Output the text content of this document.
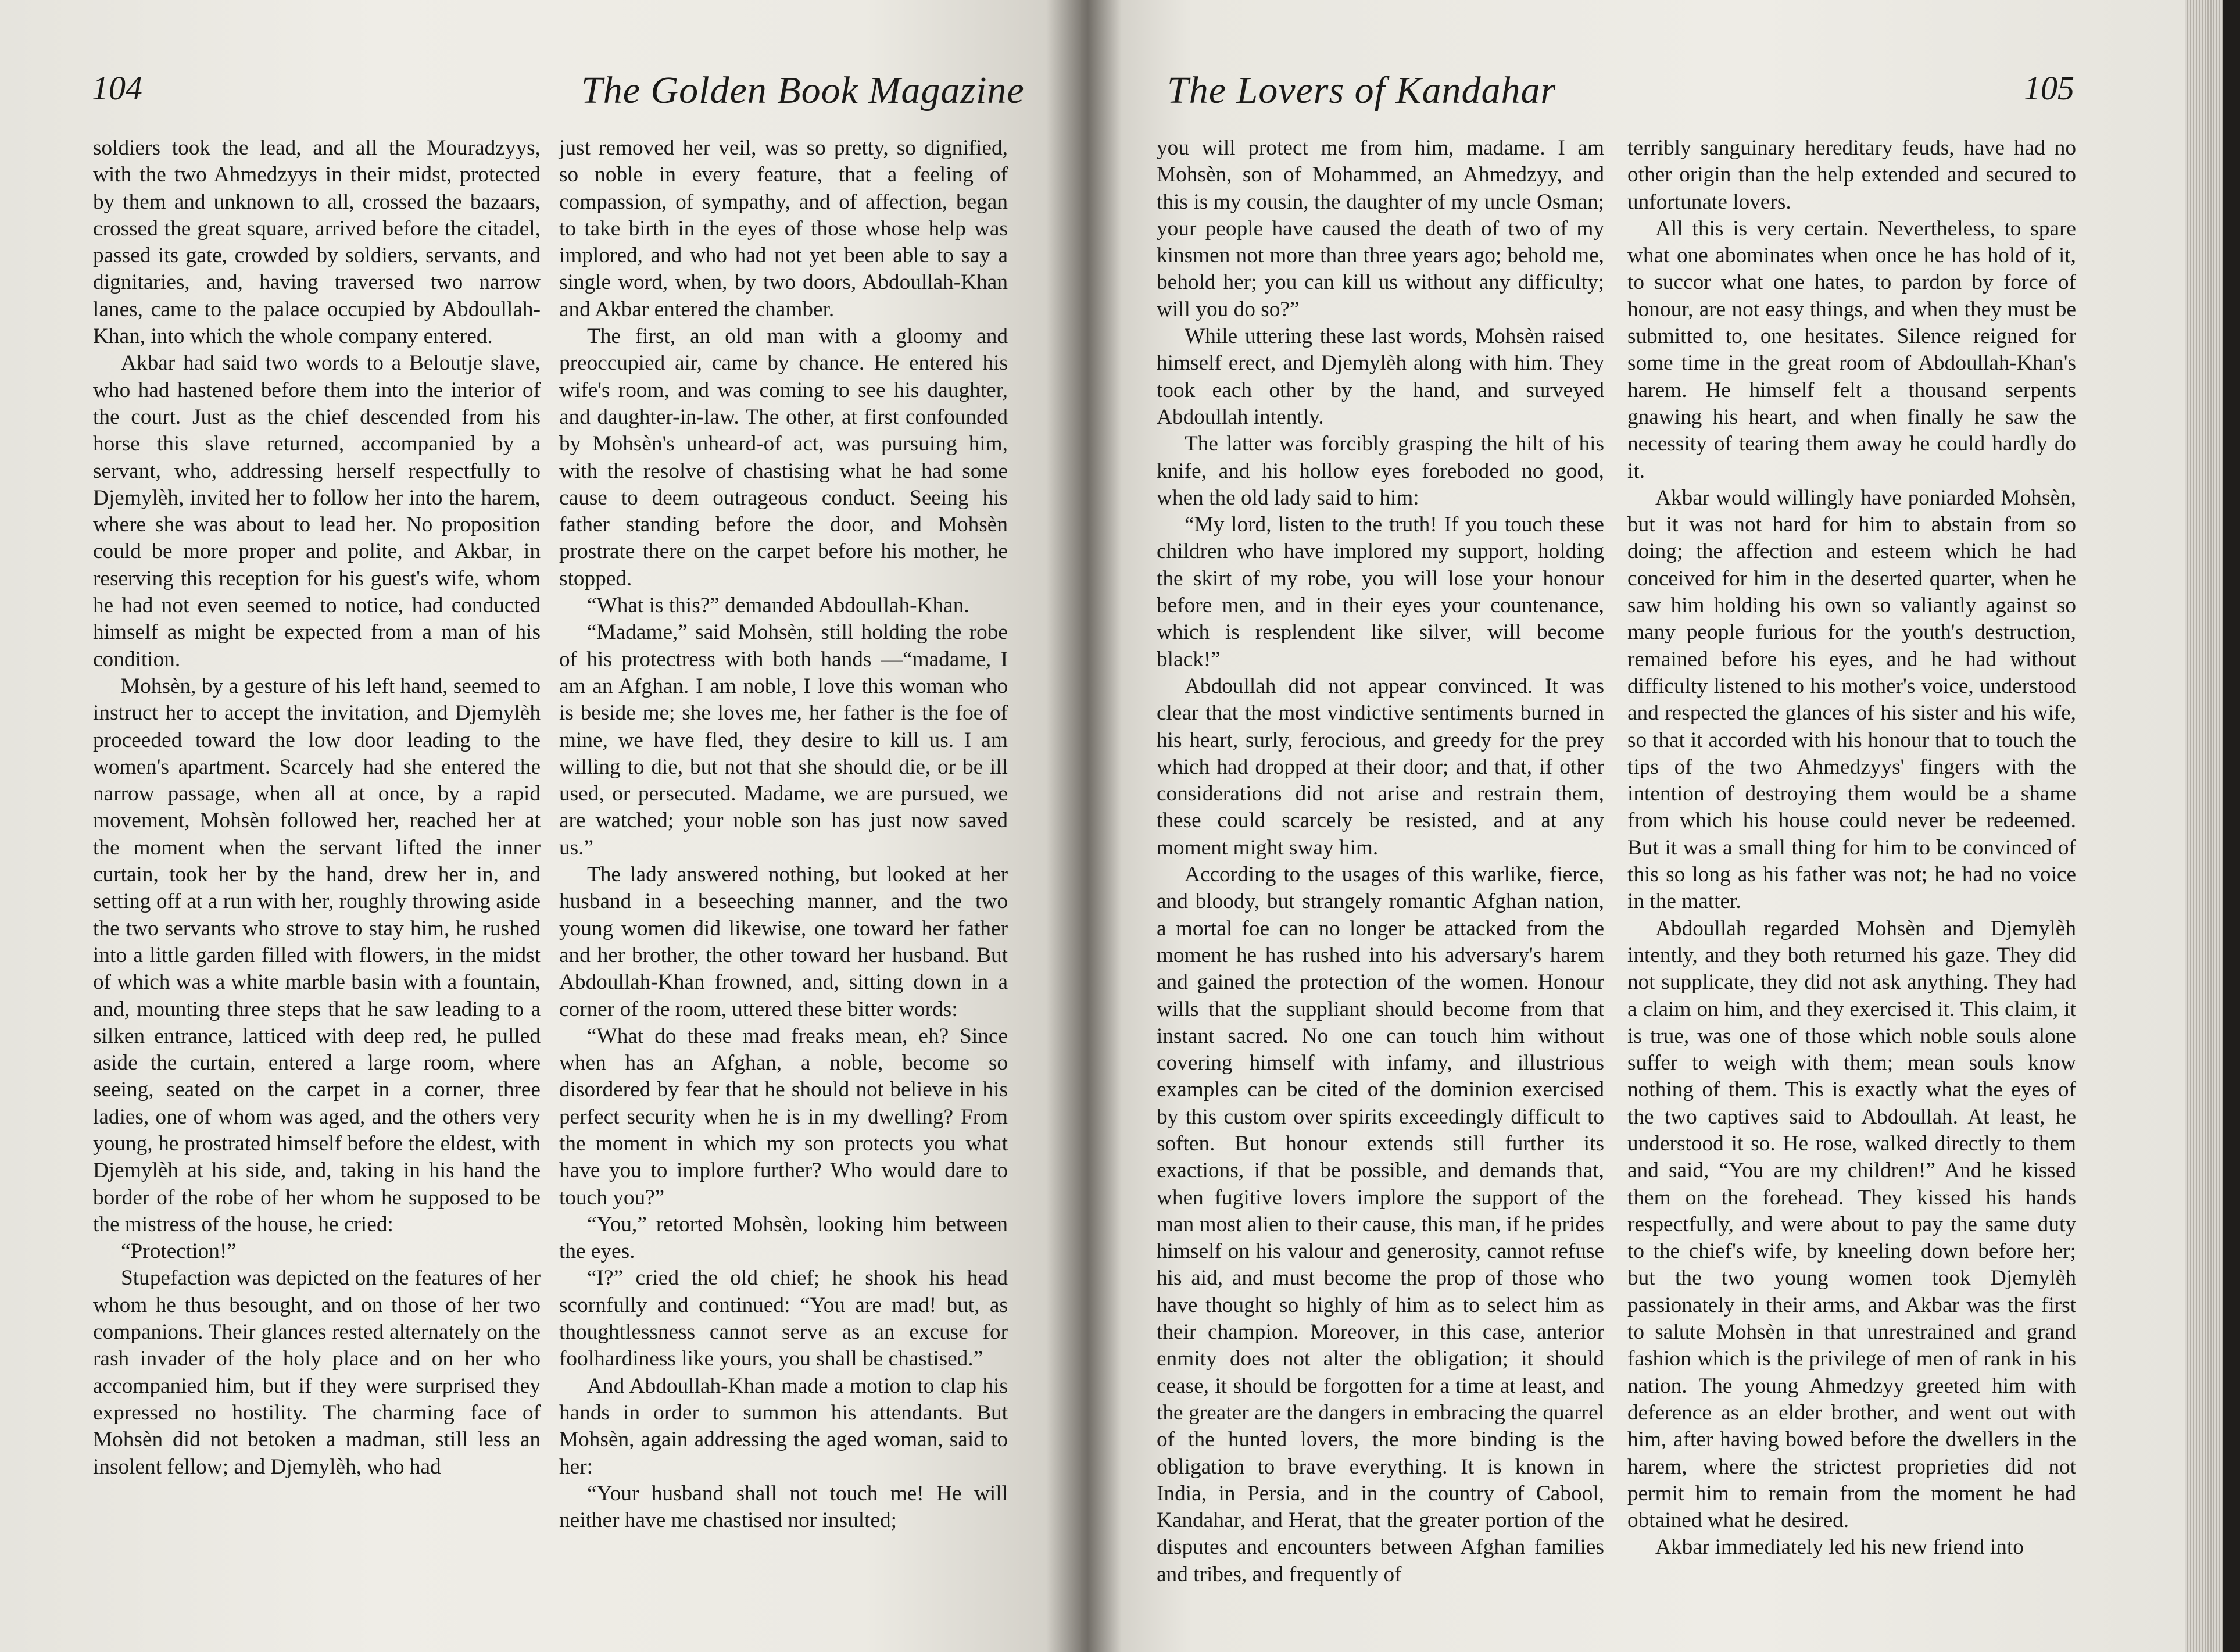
104	The Golden Book Magazine

soldiers took the lead, and all the Mouradzyys, with the two Ahmedzyys in their midst, protected by them and unknown to all, crossed the bazaars, crossed the great square, arrived before the citadel, passed its gate, crowded by soldiers, servants, and dignitaries, and, having traversed two narrow lanes, came to the palace occupied by Abdoullah-Khan, into which the whole company entered.

Akbar had said two words to a Beloutje slave, who had hastened before them into the interior of the court. Just as the chief descended from his horse this slave returned, accompanied by a servant, who, addressing herself respectfully to Djemylèh, invited her to follow her into the harem, where she was about to lead her. No proposition could be more proper and polite, and Akbar, in reserving this reception for his guest's wife, whom he had not even seemed to notice, had conducted himself as might be expected from a man of his condition.

Mohsèn, by a gesture of his left hand, seemed to instruct her to accept the invitation, and Djemylèh proceeded toward the low door leading to the women's apartment. Scarcely had she entered the narrow passage, when all at once, by a rapid movement, Mohsèn followed her, reached her at the moment when the servant lifted the inner curtain, took her by the hand, drew her in, and setting off at a run with her, roughly throwing aside the two servants who strove to stay him, he rushed into a little garden filled with flowers, in the midst of which was a white marble basin with a fountain, and, mounting three steps that he saw leading to a silken entrance, latticed with deep red, he pulled aside the curtain, entered a large room, where seeing, seated on the carpet in a corner, three ladies, one of whom was aged, and the others very young, he prostrated himself before the eldest, with Djemylèh at his side, and, taking in his hand the border of the robe of her whom he supposed to be the mistress of the house, he cried:

“Protection!”

Stupefaction was depicted on the features of her whom he thus besought, and on those of her two companions. Their glances rested alternately on the rash invader of the holy place and on her who accompanied him, but if they were surprised they expressed no hostility. The charming face of Mohsèn did not betoken a madman, still less an insolent fellow; and Djemylèh, who had

just removed her veil, was so pretty, so dignified, so noble in every feature, that a feeling of compassion, of sympathy, and of affection, began to take birth in the eyes of those whose help was implored, and who had not yet been able to say a single word, when, by two doors, Abdoullah-Khan and Akbar entered the chamber.

The first, an old man with a gloomy and preoccupied air, came by chance. He entered his wife's room, and was coming to see his daughter, and daughter-in-law. The other, at first confounded by Mohsèn's unheard-of act, was pursuing him, with the resolve of chastising what he had some cause to deem outrageous conduct. Seeing his father standing before the door, and Mohsèn prostrate there on the carpet before his mother, he stopped.

“What is this?” demanded Abdoullah-Khan.

“Madame,” said Mohsèn, still holding the robe of his protectress with both hands —“madame, I am an Afghan. I am noble, I love this woman who is beside me; she loves me, her father is the foe of mine, we have fled, they desire to kill us. I am willing to die, but not that she should die, or be ill used, or persecuted. Madame, we are pursued, we are watched; your noble son has just now saved us.”

The lady answered nothing, but looked at her husband in a beseeching manner, and the two young women did likewise, one toward her father and her brother, the other toward her husband. But Abdoullah-Khan frowned, and, sitting down in a corner of the room, uttered these bitter words:

“What do these mad freaks mean, eh? Since when has an Afghan, a noble, become so disordered by fear that he should not believe in his perfect security when he is in my dwelling? From the moment in which my son protects you what have you to implore further? Who would dare to touch you?”

“You,” retorted Mohsèn, looking him between the eyes.

“I?” cried the old chief; he shook his head scornfully and continued: “You are mad! but, as thoughtlessness cannot serve as an excuse for foolhardiness like yours, you shall be chastised.”

And Abdoullah-Khan made a motion to clap his hands in order to summon his attendants. But Mohsèn, again addressing the aged woman, said to her:

“Your husband shall not touch me! He will neither have me chastised nor insulted;

The Lovers of Kandahar	105

you will protect me from him, madame. I am Mohsèn, son of Mohammed, an Ahmedzyy, and this is my cousin, the daughter of my uncle Osman; your people have caused the death of two of my kinsmen not more than three years ago; behold me, behold her; you can kill us without any difficulty; will you do so?”

While uttering these last words, Mohsèn raised himself erect, and Djemylèh along with him. They took each other by the hand, and surveyed Abdoullah intently.

The latter was forcibly grasping the hilt of his knife, and his hollow eyes foreboded no good, when the old lady said to him:

“My lord, listen to the truth! If you touch these children who have implored my support, holding the skirt of my robe, you will lose your honour before men, and in their eyes your countenance, which is resplendent like silver, will become black!”

Abdoullah did not appear convinced. It was clear that the most vindictive sentiments burned in his heart, surly, ferocious, and greedy for the prey which had dropped at their door; and that, if other considerations did not arise and restrain them, these could scarcely be resisted, and at any moment might sway him.

According to the usages of this warlike, fierce, and bloody, but strangely romantic Afghan nation, a mortal foe can no longer be attacked from the moment he has rushed into his adversary's harem and gained the protection of the women. Honour wills that the suppliant should become from that instant sacred. No one can touch him without covering himself with infamy, and illustrious examples can be cited of the dominion exercised by this custom over spirits exceedingly difficult to soften. But honour extends still further its exactions, if that be possible, and demands that, when fugitive lovers implore the support of the man most alien to their cause, this man, if he prides himself on his valour and generosity, cannot refuse his aid, and must become the prop of those who have thought so highly of him as to select him as their champion. Moreover, in this case, anterior enmity does not alter the obligation; it should cease, it should be forgotten for a time at least, and the greater are the dangers in embracing the quarrel of the hunted lovers, the more binding is the obligation to brave everything. It is known in India, in Persia, and in the country of Cabool, Kandahar, and Herat, that the greater portion of the disputes and encounters between Afghan families and tribes, and frequently of

terribly sanguinary hereditary feuds, have had no other origin than the help extended and secured to unfortunate lovers.

All this is very certain. Nevertheless, to spare what one abominates when once he has hold of it, to succor what one hates, to pardon by force of honour, are not easy things, and when they must be submitted to, one hesitates. Silence reigned for some time in the great room of Abdoullah-Khan's harem. He himself felt a thousand serpents gnawing his heart, and when finally he saw the necessity of tearing them away he could hardly do it.

Akbar would willingly have poniarded Mohsèn, but it was not hard for him to abstain from so doing; the affection and esteem which he had conceived for him in the deserted quarter, when he saw him holding his own so valiantly against so many people furious for the youth's destruction, remained before his eyes, and he had without difficulty listened to his mother's voice, understood and respected the glances of his sister and his wife, so that it accorded with his honour that to touch the tips of the two Ahmedzyys' fingers with the intention of destroying them would be a shame from which his house could never be redeemed. But it was a small thing for him to be convinced of this so long as his father was not; he had no voice in the matter.

Abdoullah regarded Mohsèn and Djemylèh intently, and they both returned his gaze. They did not supplicate, they did not ask anything. They had a claim on him, and they exercised it. This claim, it is true, was one of those which noble souls alone suffer to weigh with them; mean souls know nothing of them. This is exactly what the eyes of the two captives said to Abdoullah. At least, he understood it so. He rose, walked directly to them and said, “You are my children!” And he kissed them on the forehead. They kissed his hands respectfully, and were about to pay the same duty to the chief's wife, by kneeling down before her; but the two young women took Djemylèh passionately in their arms, and Akbar was the first to salute Mohsèn in that unrestrained and grand fashion which is the privilege of men of rank in his nation. The young Ahmedzyy greeted him with deference as an elder brother, and went out with him, after having bowed before the dwellers in the harem, where the strictest proprieties did not permit him to remain from the moment he had obtained what he desired.

Akbar immediately led his new friend into
